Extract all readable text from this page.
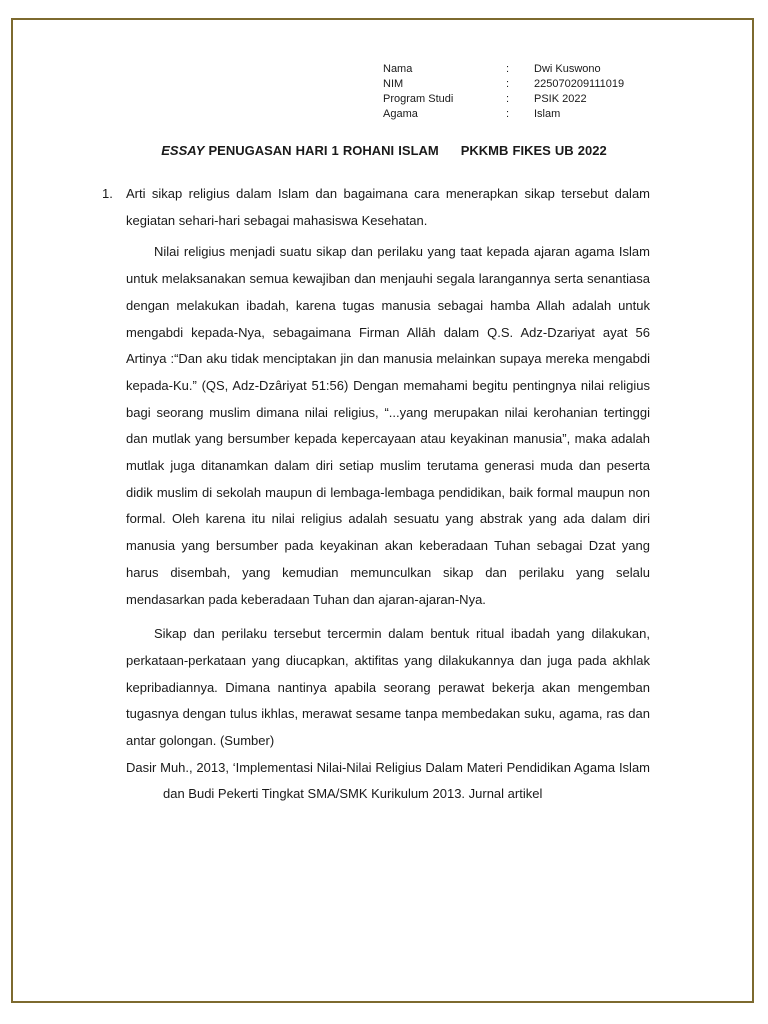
Nama	:	Dwi Kuswono
NIM	:	225070209111019
Program Studi	:	PSIK 2022
Agama	:	Islam
ESSAY PENUGASAN HARI 1 ROHANI ISLAM PKKMB FIKES UB 2022
1. Arti sikap religius dalam Islam dan bagaimana cara menerapkan sikap tersebut dalam kegiatan sehari-hari sebagai mahasiswa Kesehatan.

Nilai religius menjadi suatu sikap dan perilaku yang taat kepada ajaran agama Islam untuk melaksanakan semua kewajiban dan menjauhi segala larangannya serta senantiasa dengan melakukan ibadah, karena tugas manusia sebagai hamba Allah adalah untuk mengabdi kepada-Nya, sebagaimana Firman Allāh dalam Q.S. Adz-Dzariyat ayat 56 Artinya :“Dan aku tidak menciptakan jin dan manusia melainkan supaya mereka mengabdi kepada-Ku.” (QS, Adz-Dzâriyat 51:56) Dengan memahami begitu pentingnya nilai religius bagi seorang muslim dimana nilai religius, “...yang merupakan nilai kerohanian tertinggi dan mutlak yang bersumber kepada kepercayaan atau keyakinan manusia”, maka adalah mutlak juga ditanamkan dalam diri setiap muslim terutama generasi muda dan peserta didik muslim di sekolah maupun di lembaga-lembaga pendidikan, baik formal maupun non formal. Oleh karena itu nilai religius adalah sesuatu yang abstrak yang ada dalam diri manusia yang bersumber pada keyakinan akan keberadaan Tuhan sebagai Dzat yang harus disembah, yang kemudian memunculkan sikap dan perilaku yang selalu mendasarkan pada keberadaan Tuhan dan ajaran-ajaran-Nya.

Sikap dan perilaku tersebut tercermin dalam bentuk ritual ibadah yang dilakukan, perkataan-perkataan yang diucapkan, aktifitas yang dilakukannya dan juga pada akhlak kepribadiannya. Dimana nantinya apabila seorang perawat bekerja akan mengemban tugasnya dengan tulus ikhlas, merawat sesame tanpa membedakan suku, agama, ras dan antar golongan. (Sumber)

Dasir Muh., 2013, ‘Implementasi Nilai-Nilai Religius Dalam Materi Pendidikan Agama Islam dan Budi Pekerti Tingkat SMA/SMK Kurikulum 2013. Jurnal artikel
